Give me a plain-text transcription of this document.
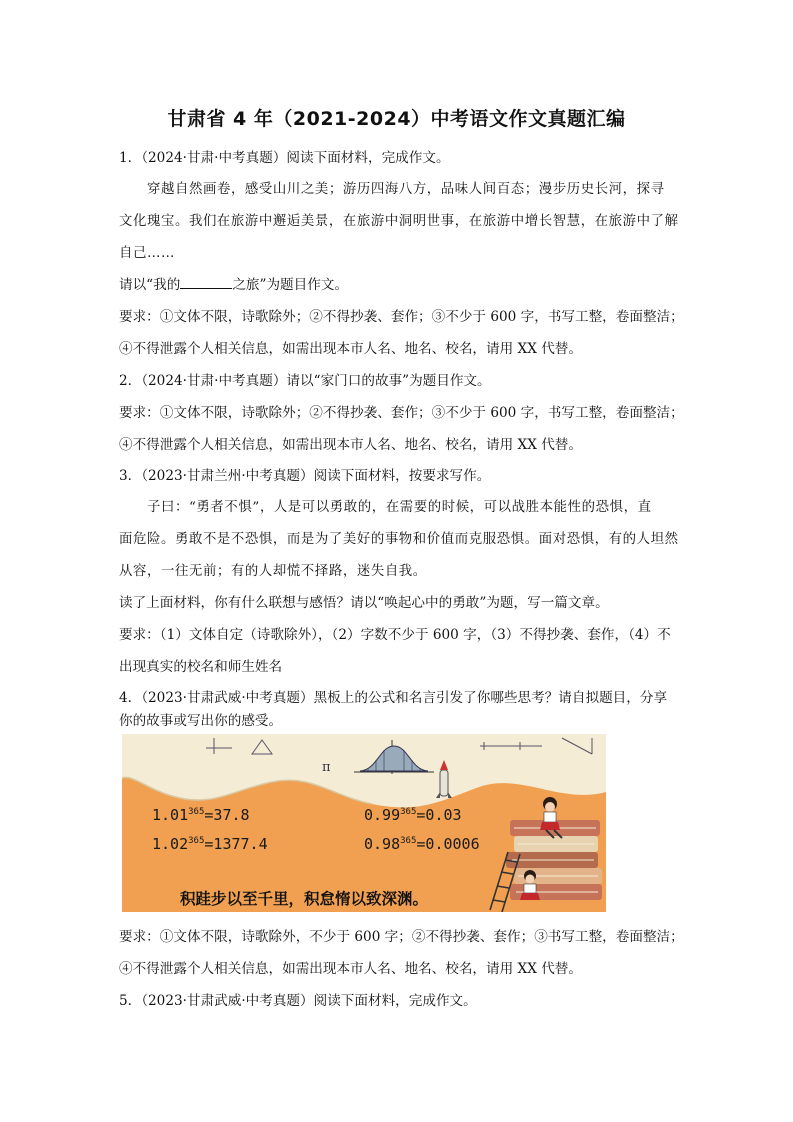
甘肃省 4 年（2021-2024）中考语文作文真题汇编
1．（2024·甘肃·中考真题）阅读下面材料，完成作文。
穿越自然画卷，感受山川之美；游历四海八方，品味人间百态；漫步历史长河，探寻
文化瑰宝。我们在旅游中邂逅美景，在旅游中洞明世事，在旅游中增长智慧，在旅游中了解
自己……
请以“我的	之旅”为题目作文。
要求：①文体不限，诗歌除外；②不得抄袭、套作；③不少于 600 字，书写工整，卷面整洁；
④不得泄露个人相关信息，如需出现本市人名、地名、校名，请用 XX 代替。
2．（2024·甘肃·中考真题）请以“家门口的故事”为题目作文。
要求：①文体不限，诗歌除外；②不得抄袭、套作；③不少于 600 字，书写工整，卷面整洁；
④不得泄露个人相关信息，如需出现本市人名、地名、校名，请用 XX 代替。
3．（2023·甘肃兰州·中考真题）阅读下面材料，按要求写作。
子曰：“勇者不惧”，人是可以勇敢的，在需要的时候，可以战胜本能性的恐惧，直
面危险。勇敢不是不恐惧，而是为了美好的事物和价值而克服恐惧。面对恐惧，有的人坦然
从容，一往无前；有的人却慌不择路，迷失自我。
读了上面材料，你有什么联想与感悟？请以“唤起心中的勇敢”为题，写一篇文章。
要求：（1）文体自定（诗歌除外），（2）字数不少于 600 字，（3）不得抄袭、套作，（4）不
出现真实的校名和师生姓名
4．（2023·甘肃武威·中考真题）黑板上的公式和名言引发了你哪些思考？请自拟题目，分享
你的故事或写出你的感受。
π
$1.01^{365}=37.8$
$1.02^{365}=1377.4$
$0.99^{365}=0.03$
$0.98^{365}=0.0006$
积跬步以至千里，积怠惰以致深渊。
要求：①文体不限，诗歌除外，不少于 600 字；②不得抄袭、套作；③书写工整，卷面整洁；
④不得泄露个人相关信息，如需出现本市人名、地名、校名，请用 XX 代替。
5．（2023·甘肃武威·中考真题）阅读下面材料，完成作文。
